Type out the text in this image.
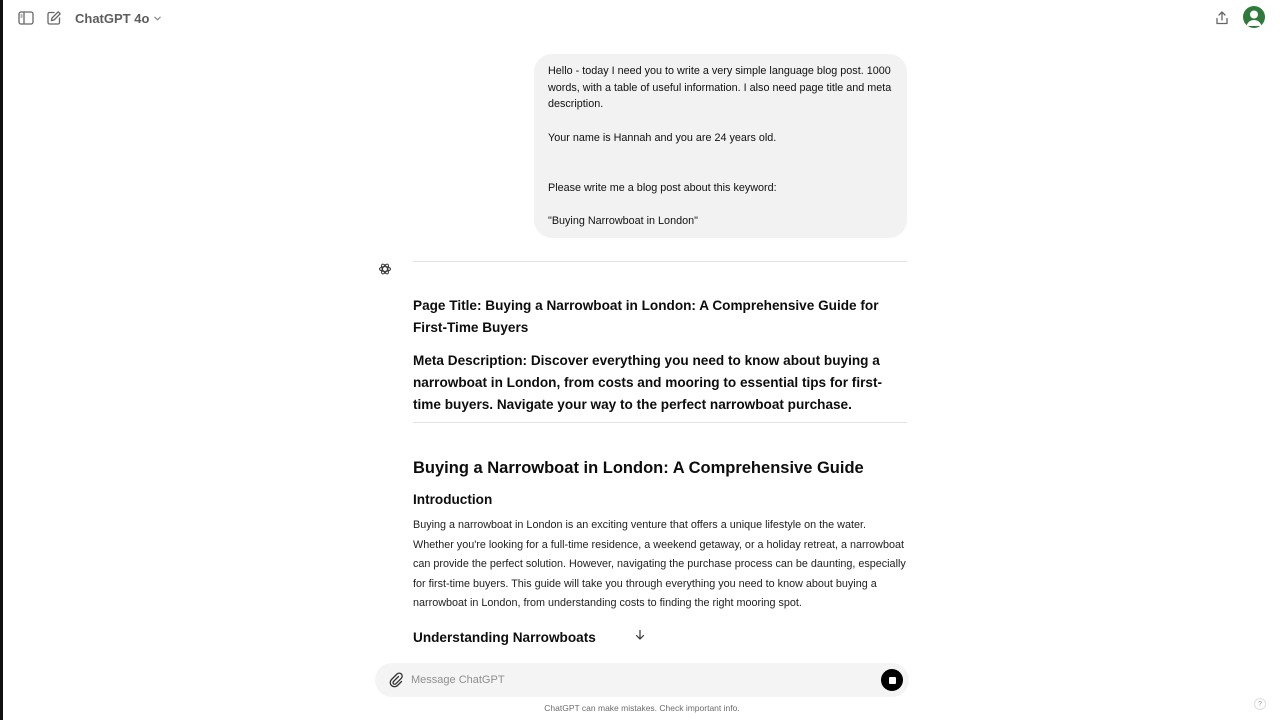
ChatGPT 4o
Hello - today I need you to write a very simple language blog post. 1000 words, with a table of useful information. I also need page title and meta description.

Your name is Hannah and you are 24 years old.

Please write me a blog post about this keyword:

"Buying Narrowboat in London"
Page Title: Buying a Narrowboat in London: A Comprehensive Guide for First-Time Buyers
Meta Description: Discover everything you need to know about buying a narrowboat in London, from costs and mooring to essential tips for first-time buyers. Navigate your way to the perfect narrowboat purchase.
Buying a Narrowboat in London: A Comprehensive Guide
Introduction

Buying a narrowboat in London is an exciting venture that offers a unique lifestyle on the water. Whether you're looking for a full-time residence, a weekend getaway, or a holiday retreat, a narrowboat can provide the perfect solution. However, navigating the purchase process can be daunting, especially for first-time buyers. This guide will take you through everything you need to know about buying a narrowboat in London, from understanding costs to finding the right mooring spot.

Understanding Narrowboats
Message ChatGPT
ChatGPT can make mistakes. Check important info.	?
